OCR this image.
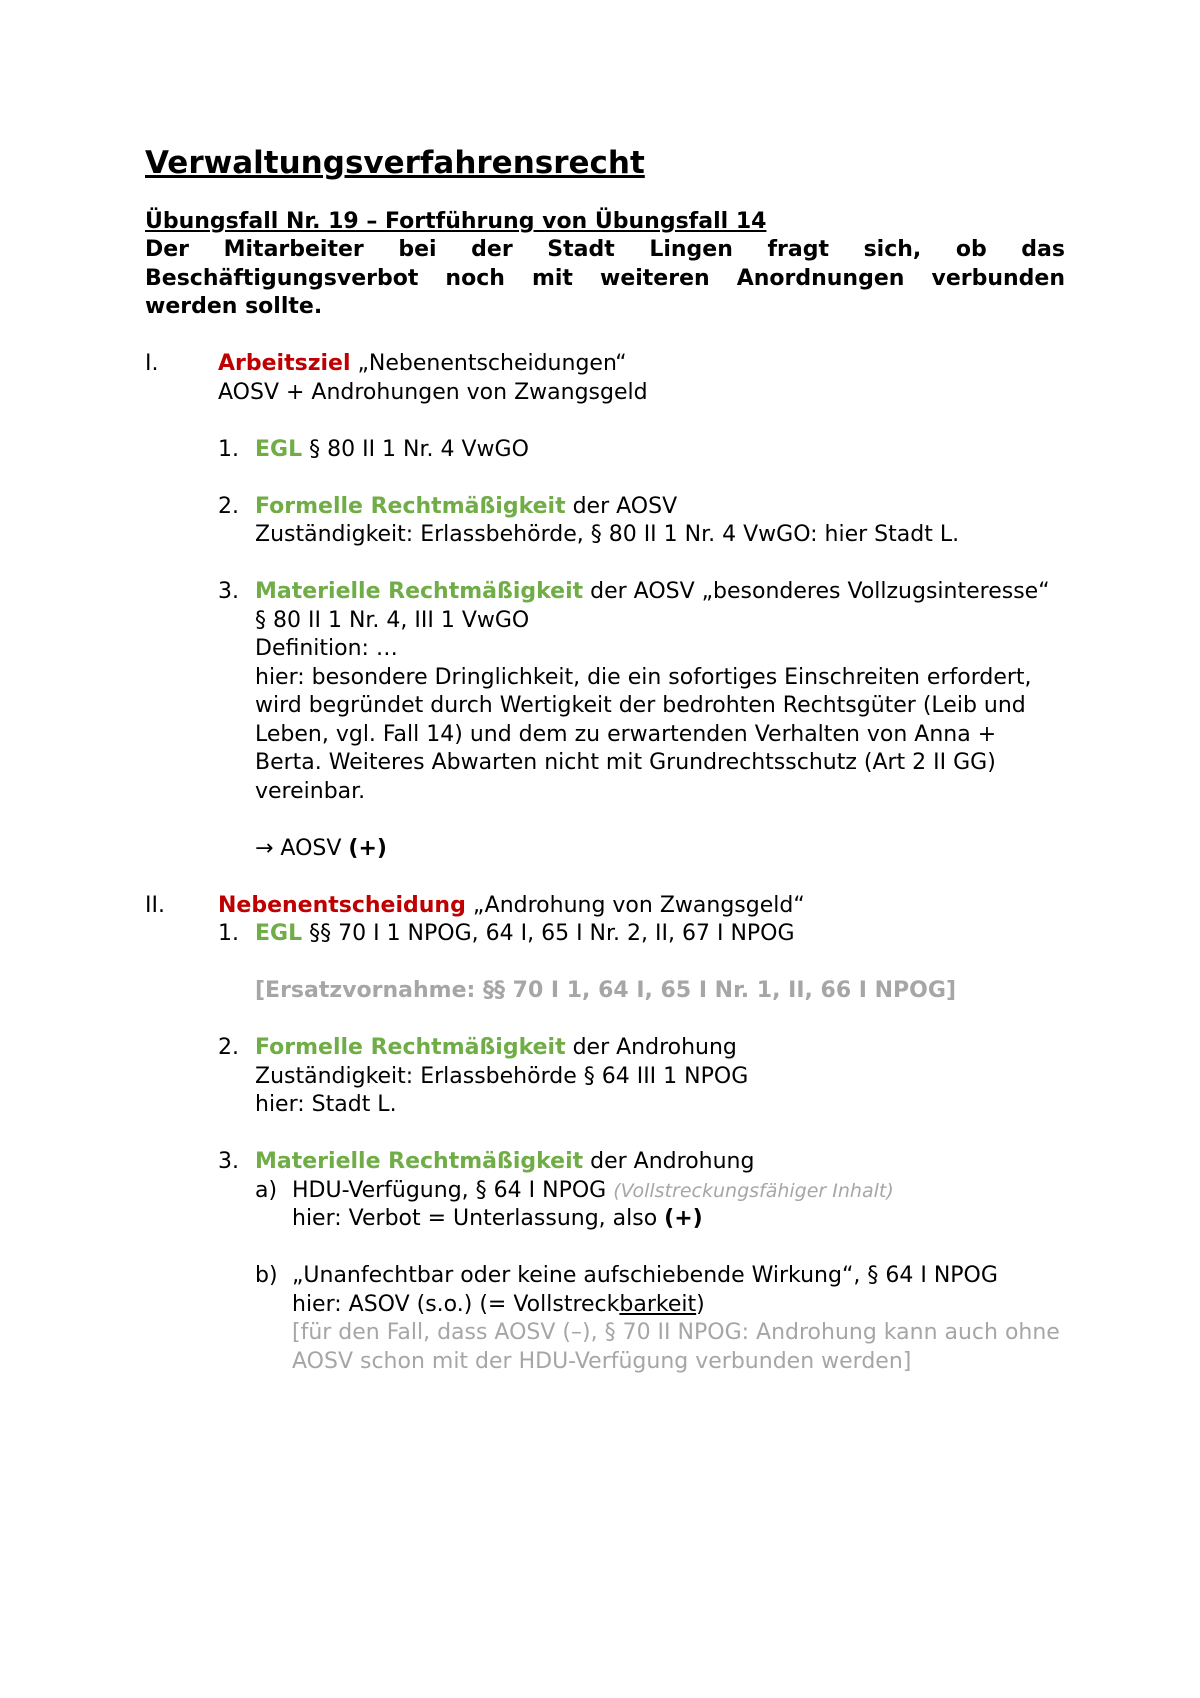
Verwaltungsverfahrensrecht
Übungsfall Nr. 19 – Fortführung von Übungsfall 14
Der Mitarbeiter bei der Stadt Lingen fragt sich, ob das Beschäftigungsverbot noch mit weiteren Anordnungen verbunden werden sollte.
I.	Arbeitsziel „Nebenentscheidungen“
AOSV + Androhungen von Zwangsgeld
1. EGL § 80 II 1 Nr. 4 VwGO
2. Formelle Rechtmäßigkeit der AOSV
Zuständigkeit: Erlassbehörde, § 80 II 1 Nr. 4 VwGO: hier Stadt L.
3. Materielle Rechtmäßigkeit der AOSV „besonderes Vollzugsinteresse“
§ 80 II 1 Nr. 4, III 1 VwGO
Definition: …
hier: besondere Dringlichkeit, die ein sofortiges Einschreiten erfordert, wird begründet durch Wertigkeit der bedrohten Rechtsgüter (Leib und Leben, vgl. Fall 14) und dem zu erwartenden Verhalten von Anna + Berta. Weiteres Abwarten nicht mit Grundrechtsschutz (Art 2 II GG) vereinbar.
→ AOSV (+)
II. Nebenentscheidung „Androhung von Zwangsgeld“
1. EGL §§ 70 I 1 NPOG, 64 I, 65 I Nr. 2, II, 67 I NPOG
[Ersatzvornahme: §§ 70 I 1, 64 I, 65 I Nr. 1, II, 66 I NPOG]
2. Formelle Rechtmäßigkeit der Androhung
Zuständigkeit: Erlassbehörde § 64 III 1 NPOG
hier: Stadt L.
3. Materielle Rechtmäßigkeit der Androhung
a) HDU-Verfügung, § 64 I NPOG (Vollstreckungsfähiger Inhalt)
hier: Verbot = Unterlassung, also (+)
b) „Unanfechtbar oder keine aufschiebende Wirkung“, § 64 I NPOG
hier: ASOV (s.o.) (= Vollstreckbarkeit)
[für den Fall, dass AOSV (–), § 70 II NPOG: Androhung kann auch ohne AOSV schon mit der HDU-Verfügung verbunden werden]
